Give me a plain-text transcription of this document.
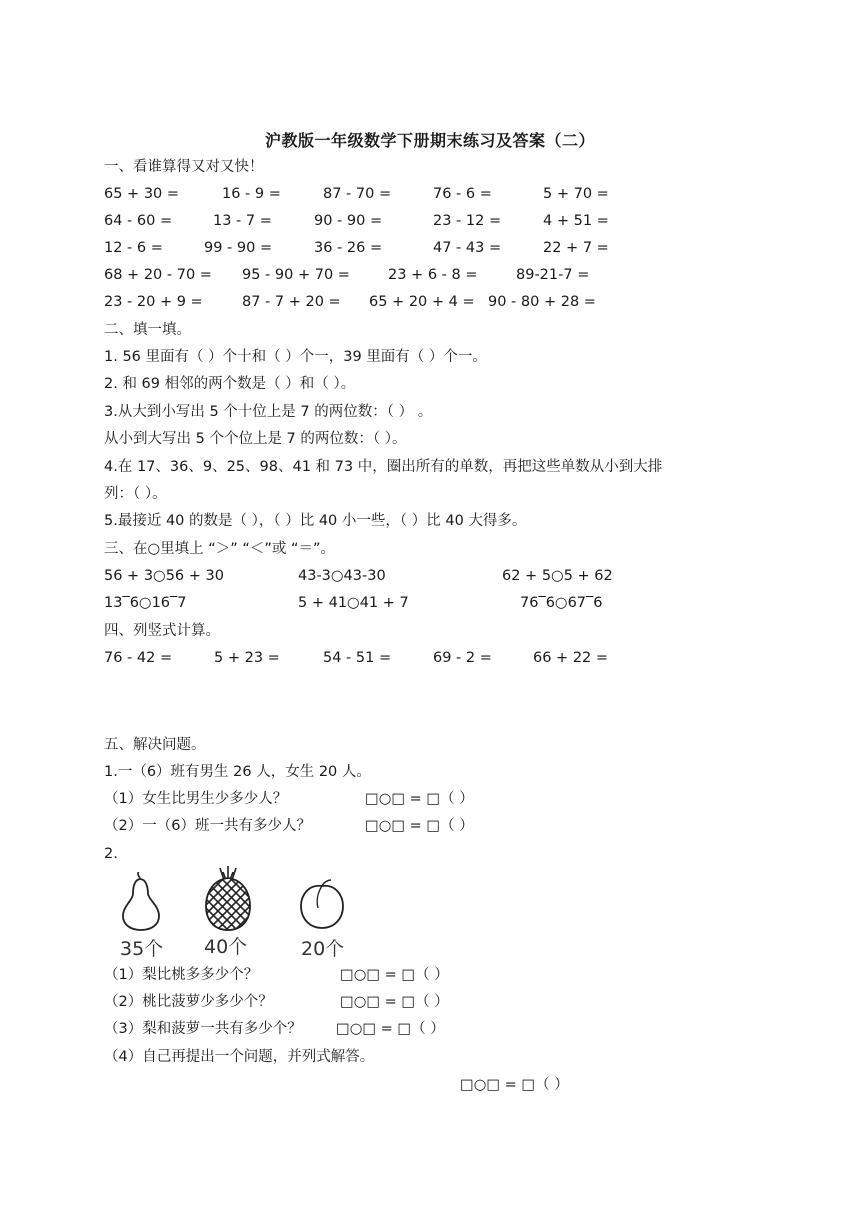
沪教版一年级数学下册期末练习及答案（二）
一、看谁算得又对又快！
65 + 30 =	16 - 9 =	87 - 70 =	76 - 6 =	5 + 70 =
64 - 60 =	13 - 7 =	90 - 90 =	23 - 12 =	4 + 51 =
12 - 6 =	99 - 90 =	36 - 26 =	47 - 43 =	22 + 7 =
68 + 20 - 70 = 95 - 90 + 70 =	23 + 6 - 8 =	89-21-7 =
23 - 20 + 9 =	87 - 7 + 20 = 65 + 20 + 4 = 90 - 80 + 28 =
二、填一填。
1. 56 里面有（ ）个十和（ ）个一，39 里面有（ ）个一。
2. 和 69 相邻的两个数是（ ）和（ ）。
3.从大到小写出 5 个十位上是 7 的两位数：（ ） 。
从小到大写出 5 个个位上是 7 的两位数：（ ）。
4.在 17、36、9、25、98、41 和 73 中，圈出所有的单数，再把这些单数从小到大排
列：（ ）。
5.最接近 40 的数是（ ），（ ）比 40 小一些，（ ）比 40 大得多。
三、在○里填上 “＞” “＜”或 “＝”。
56 + 3○56 + 30	43-3○43-30	62 + 5○5 + 62
13‾6○16‾7	5 + 41○41 + 7	76‾6○67‾6
四、列竖式计算。
76 - 42 =	5 + 23 =	54 - 51 =	69 - 2 =	66 + 22 =
五、解决问题。
1.一（6）班有男生 26 人，女生 20 人。
（1）女生比男生少多少人？	□○□ = □（ ）
（2）一（6）班一共有多少人？	□○□ = □（ ）
2.
35个 40个	20个
（1）梨比桃多多少个？	□○□ = □（ ）
（2）桃比菠萝少多少个？	□○□ = □（ ）
（3）梨和菠萝一共有多少个？ □○□ = □（ ）
（4）自己再提出一个问题，并列式解答。
□○□ = □（ ）
